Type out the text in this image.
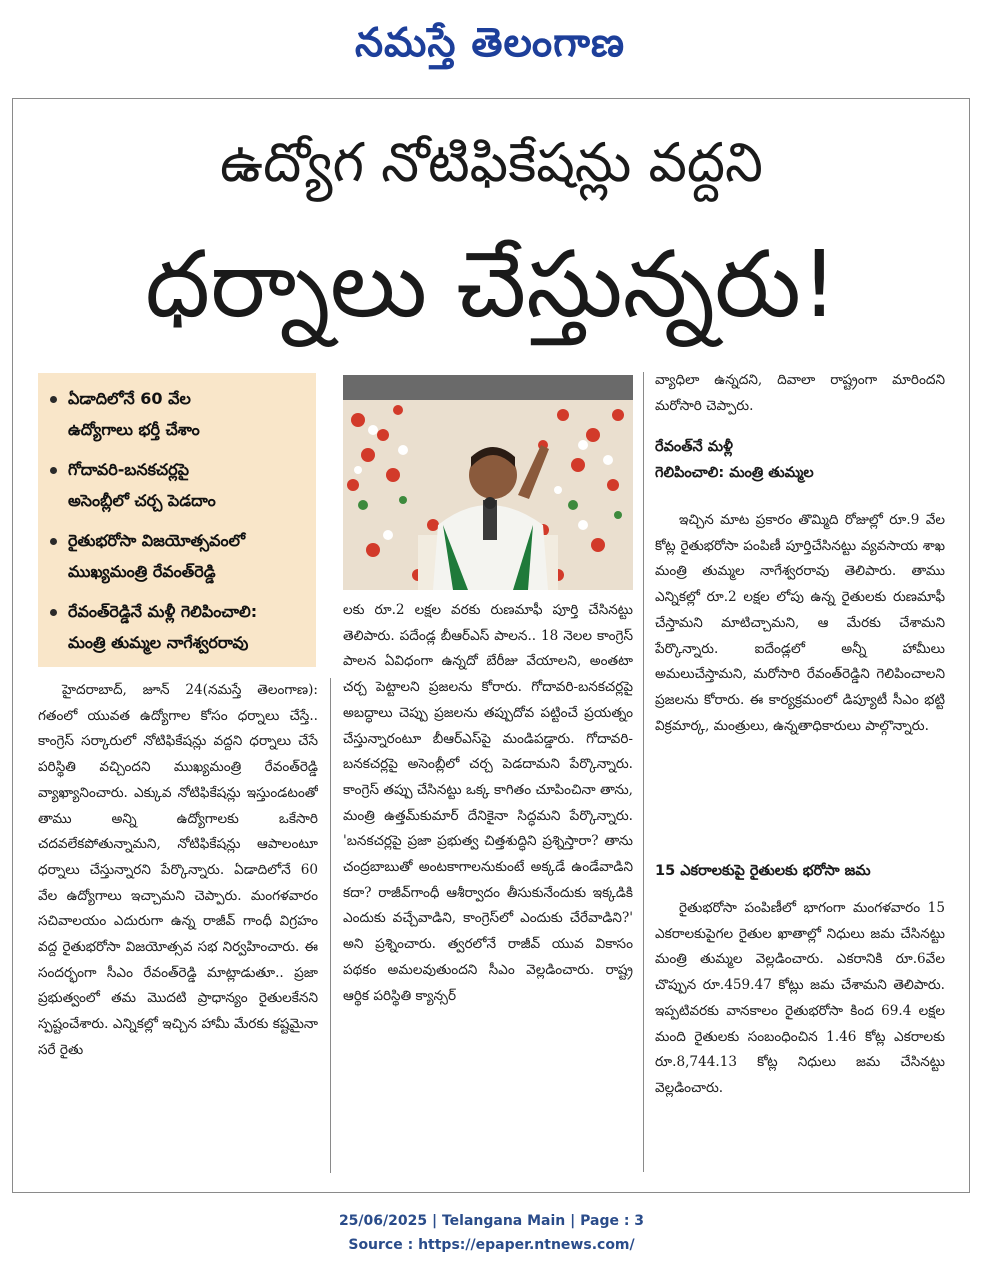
నమస్తే తెలంగాణ
ఉద్యోగ నోటిఫికేషన్లు వద్దని
ధర్నాలు చేస్తున్నరు!
ఏడాదిలోనే 60 వేల
ఉద్యోగాలు భర్తీ చేశాం
గోదావరి-బనకచర్లపై
అసెంబ్లీలో చర్చ పెడదాం
రైతుభరోసా విజయోత్సవంలో
ముఖ్యమంత్రి రేవంత్‌రెడ్డి
రేవంత్‌రెడ్డినే మళ్లీ గెలిపించాలి:
మంత్రి తుమ్మల నాగేశ్వరరావు

హైదరాబాద్, జూన్ 24(నమస్తే తెలంగాణ): గతంలో యువత ఉద్యోగాల కోసం ధర్నాలు చేస్తే.. కాంగ్రెస్ సర్కారులో నోటిఫికేషన్లు వద్దని ధర్నాలు చేసే పరిస్థితి వచ్చిందని ముఖ్యమంత్రి రేవంత్‌రెడ్డి వ్యాఖ్యానించారు. ఎక్కువ నోటిఫికేషన్లు ఇస్తుండటంతో తాము అన్ని ఉద్యోగాలకు ఒకేసారి చదవలేకపోతున్నామని, నోటిఫికేషన్లు ఆపాలంటూ ధర్నాలు చేస్తున్నారని పేర్కొన్నారు. ఏడాదిలోనే 60 వేల ఉద్యోగాలు ఇచ్చామని చెప్పారు. మంగళవారం సచివాలయం ఎదురుగా ఉన్న రాజీవ్ గాంధీ విగ్రహం వద్ద రైతుభరోసా విజయోత్సవ సభ నిర్వహించారు. ఈ సందర్భంగా సీఎం రేవంత్‌రెడ్డి మాట్లాడుతూ.. ప్రజా ప్రభుత్వంలో తమ మొదటి ప్రాధాన్యం రైతులకేనని స్పష్టంచేశారు. ఎన్నికల్లో ఇచ్చిన హామీ మేరకు కష్టమైనా సరే రైతు

లకు రూ.2 లక్షల వరకు రుణమాఫీ పూర్తి చేసినట్టు తెలిపారు. పదేండ్ల బీఆర్‌ఎస్ పాలన.. 18 నెలల కాంగ్రెస్ పాలన ఏవిధంగా ఉన్నదో బేరీజు వేయాలని, అంతటా చర్చ పెట్టాలని ప్రజలను కోరారు. గోదావరి-బనకచర్లపై అబద్ధాలు చెప్పు ప్రజలను తప్పుదోవ పట్టించే ప్రయత్నం చేస్తున్నారంటూ బీఆర్‌ఎస్‌పై మండిపడ్డారు. గోదావరి-బనకచర్లపై అసెంబ్లీలో చర్చ పెడదామని పేర్కొన్నారు. కాంగ్రెస్ తప్పు చేసినట్టు ఒక్క కాగితం చూపించినా తాను, మంత్రి ఉత్తమ్‌కుమార్ దేనికైనా సిద్ధమని పేర్కొన్నారు. 'బనకచర్లపై ప్రజా ప్రభుత్వ చిత్తశుద్ధిని ప్రశ్నిస్తారా? తాను చంద్రబాబుతో అంటకాగాలనుకుంటే అక్కడే ఉండేవాడిని కదా? రాజీవ్‌గాంధీ ఆశీర్వాదం తీసుకునేందుకు ఇక్కడికి ఎందుకు వచ్చేవాడిని, కాంగ్రెస్‌లో ఎందుకు చేరేవాడిని?' అని ప్రశ్నించారు. త్వరలోనే రాజీవ్ యువ వికాసం పథకం అమలవుతుందని సీఎం వెల్లడించారు. రాష్ట్ర ఆర్థిక పరిస్థితి క్యాన్సర్

వ్యాధిలా ఉన్నదని, దివాలా రాష్ట్రంగా మారిందని మరోసారి చెప్పారు.

రేవంత్‌నే మళ్లీ
గెలిపించాలి: మంత్రి తుమ్మల

ఇచ్చిన మాట ప్రకారం తొమ్మిది రోజుల్లో రూ.9 వేల కోట్ల రైతుభరోసా పంపిణీ పూర్తిచేసినట్టు వ్యవసాయ శాఖ మంత్రి తుమ్మల నాగేశ్వరరావు తెలిపారు. తాము ఎన్నికల్లో రూ.2 లక్షల లోపు ఉన్న రైతులకు రుణమాఫీ చేస్తామని మాటిచ్చామని, ఆ మేరకు చేశామని పేర్కొన్నారు. ఐదేండ్లలో అన్నీ హామీలు అమలుచేస్తామని, మరోసారి రేవంత్‌రెడ్డిని గెలిపించాలని ప్రజలను కోరారు. ఈ కార్యక్రమంలో డిప్యూటీ సీఎం భట్టి విక్రమార్క, మంత్రులు, ఉన్నతాధికారులు పాల్గొన్నారు.

15 ఎకరాలకుపై రైతులకు భరోసా జమ

రైతుభరోసా పంపిణీలో భాగంగా మంగళవారం 15 ఎకరాలకుపైగల రైతుల ఖాతాల్లో నిధులు జమ చేసినట్టు మంత్రి తుమ్మల వెల్లడించారు. ఎకరానికి రూ.6వేల చొప్పున రూ.459.47 కోట్లు జమ చేశామని తెలిపారు. ఇప్పటివరకు వానకాలం రైతుభరోసా కింద 69.4 లక్షల మంది రైతులకు సంబంధించిన 1.46 కోట్ల ఎకరాలకు రూ.8,744.13 కోట్ల నిధులు జమ చేసినట్టు వెల్లడించారు.

25/06/2025 | Telangana Main | Page : 3
Source : https://epaper.ntnews.com/
